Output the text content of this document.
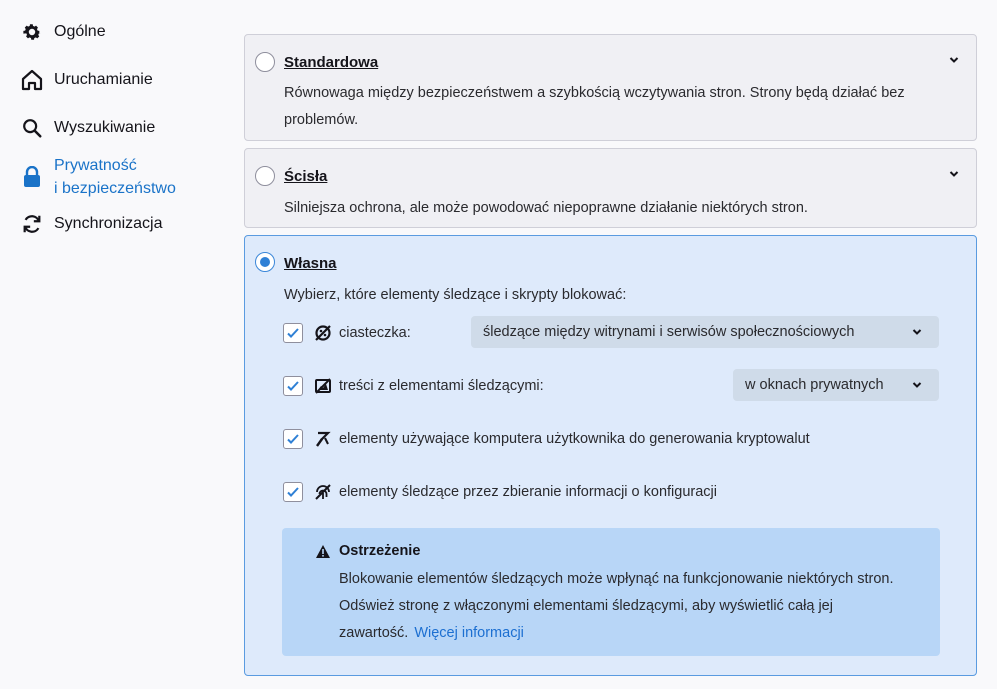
Ogólne
Uruchamianie
Wyszukiwanie
Prywatność
i bezpieczeństwo
Synchronizacja
Standardowa
Równowaga między bezpieczeństwem a szybkością wczytywania stron. Strony będą działać bez
problemów.
Ścisła
Silniejsza ochrona, ale może powodować niepoprawne działanie niektórych stron.
Własna
Wybierz, które elementy śledzące i skrypty blokować:
ciasteczka:	śledzące między witrynami i serwisów społecznościowych
treści z elementami śledzącymi:	w oknach prywatnych
elementy używające komputera użytkownika do generowania kryptowalut
elementy śledzące przez zbieranie informacji o konfiguracji
Ostrzeżenie
Blokowanie elementów śledzących może wpłynąć na funkcjonowanie niektórych stron.
Odśwież stronę z włączonymi elementami śledzącymi, aby wyświetlić całą jej
zawartość. Więcej informacji
